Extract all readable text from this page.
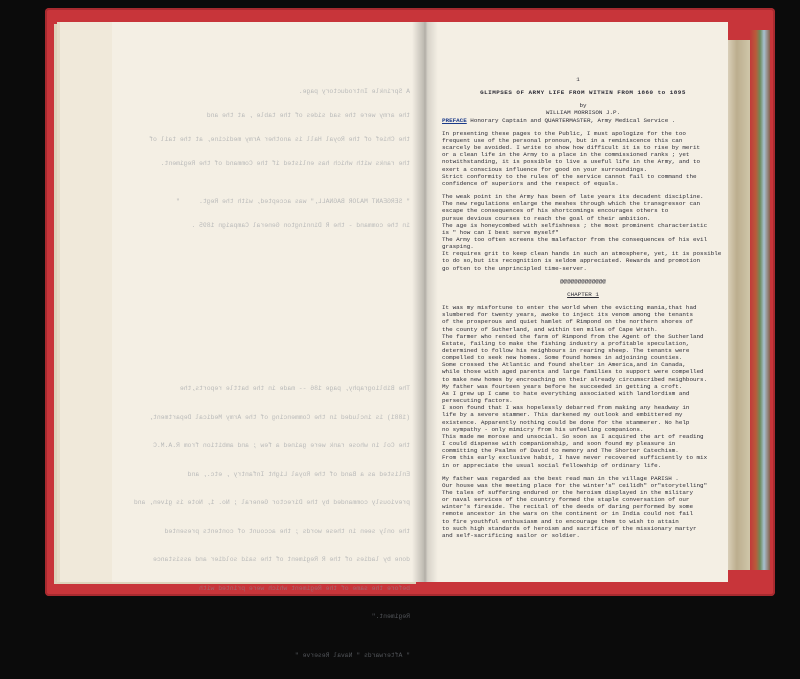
A Sprinkle Introductory page.

the army were the sad sides of the table , at the and

the Chief of the Royal Hall is another Army medicine, at the tail of

the ranks with which has enlisted if the Command of the Regiment.

" SERGEANT MAJOR BAGNALL," was accepted, with the Regt.     "

in the command - the R Dinnington General Campaign 1895 .

The Bibliography, page 186 -- made in the battle reports,the

(1881) is included in the Commencing of the Army Medical Department,

the Col in whose rank were gained a few ; and ambition from R.A.M.C

Enlisted as a Band of the Royal Light Infantry , etc., and

previously commanded by the Director General ; No. 1, Note is given, and

the only seen in these words ; the account of contents presented

done by ladies of the R Regiment of the said soldier and assistance

before the same of the Regiment which were printed with

Regiment."

" Afterwards " Naval Reserve "

1

GLIMPSES OF ARMY LIFE FROM WITHIN FROM 1860 to 1895

by

WILLIAM MORRISON J.P.

PREFACE Honorary Captain and QUARTERMASTER, Army Medical Service .

In presenting these pages to the Public, I must apologize for the too

frequent use of the personal pronoun, but in a reminiscence this can

scarcely be avoided. I write to show how difficult it is to rise by merit

or a clean life in the Army to a place in the commissioned ranks ; yet

notwithstanding, it is possible to live a useful life in the Army, and to

exert a conscious influence for good on your surroundings.

Strict conformity to the rules of the service cannot fail to command the

confidence of superiors and the respect of equals.

The weak point in the Army has been of late years its decadent discipline.

The new regulations enlarge the meshes through which the transgressor can

escape the consequences of his shortcomings encourages others to

pursue devious courses to reach the goal of their ambition.

The age is honeycombed with selfishness ; the most prominent characteristic

is " how can I best serve myself"

The Army too often screens the malefactor from the consequences of his evil

grasping.

It requires grit to keep clean hands in such an atmosphere, yet, it is possible

to do so,but its recognition is seldom appreciated. Rewards and promotion

go often to the unprincipled time-server.

@@@@@@@@@@@@@

CHAPTER 1

It was my misfortune to enter the world when the evicting mania,that had

slumbered for twenty years, awoke to inject its venom among the tenants

of the prosperous and quiet hamlet of Rimpond on the northern shores of

the county of Sutherland, and within ten miles of Cape Wrath.

The farmer who rented the farm of Rimpond from the Agent of the Sutherland

Estate, failing to make the fishing industry a profitable speculation,

determined to follow his neighbours in rearing sheep. The tenants were

compelled to seek new homes. Some found homes in adjoining counties.

Some crossed the Atlantic and found shelter in America,and in Canada,

while those with aged parents and large families to support were compelled

to make new homes by encroaching on their already circumscribed neighbours.

My father was fourteen years before he succeeded in getting a croft.

As I grew up I came to hate everything associated with landlordism and

persecuting factors.

I soon found that I was hopelessly debarred from making any headway in

life by a severe stammer. This darkened my outlook and embittered my

existence. Apparently nothing could be done for the stammerer. No help

no sympathy - only mimicry from his unfeeling companions.

This made me morose and unsocial. So soon as I acquired the art of reading

I could dispense with companionship, and soon found my pleasure in

committing the Psalms of David to memory and The Shorter Catechism.

From this early exclusive habit, I have never recovered sufficiently to mix

in or appreciate the usual social fellowship of ordinary life.

My father was regarded as the best read man in the village PARISH .

Our house was the meeting place for the winter's" ceilidh" or"storytelling"

The tales of suffering endured or the heroism displayed in the military

or naval services of the country formed the staple conversation of our

winter's fireside. The recital of the deeds of daring performed by some

remote ancestor in the wars on the continent or in India could not fail

to fire youthful enthusiasm and to encourage them to wish to attain

to such high standards of heroism and sacrifice of the missionary martyr

and self-sacrificing sailor or soldier.
